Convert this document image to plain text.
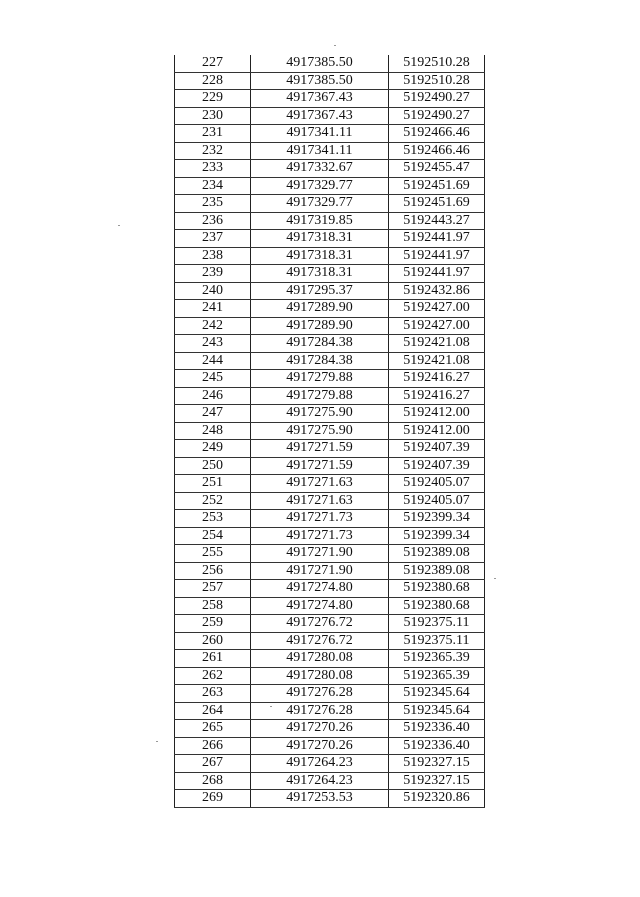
227	4917385.50	5192510.28
228	4917385.50	5192510.28
229	4917367.43	5192490.27
230	4917367.43	5192490.27
231	4917341.11	5192466.46
232	4917341.11	5192466.46
233	4917332.67	5192455.47
234	4917329.77	5192451.69
235	4917329.77	5192451.69
236	4917319.85	5192443.27
237	4917318.31	5192441.97
238	4917318.31	5192441.97
239	4917318.31	5192441.97
240	4917295.37	5192432.86
241	4917289.90	5192427.00
242	4917289.90	5192427.00
243	4917284.38	5192421.08
244	4917284.38	5192421.08
245	4917279.88	5192416.27
246	4917279.88	5192416.27
247	4917275.90	5192412.00
248	4917275.90	5192412.00
249	4917271.59	5192407.39
250	4917271.59	5192407.39
251	4917271.63	5192405.07
252	4917271.63	5192405.07
253	4917271.73	5192399.34
254	4917271.73	5192399.34
255	4917271.90	5192389.08
256	4917271.90	5192389.08
257	4917274.80	5192380.68
258	4917274.80	5192380.68
259	4917276.72	5192375.11
260	4917276.72	5192375.11
261	4917280.08	5192365.39
262	4917280.08	5192365.39
263	4917276.28	5192345.64
264	4917276.28	5192345.64
265	4917270.26	5192336.40
266	4917270.26	5192336.40
267	4917264.23	5192327.15
268	4917264.23	5192327.15
269	4917253.53	5192320.86
